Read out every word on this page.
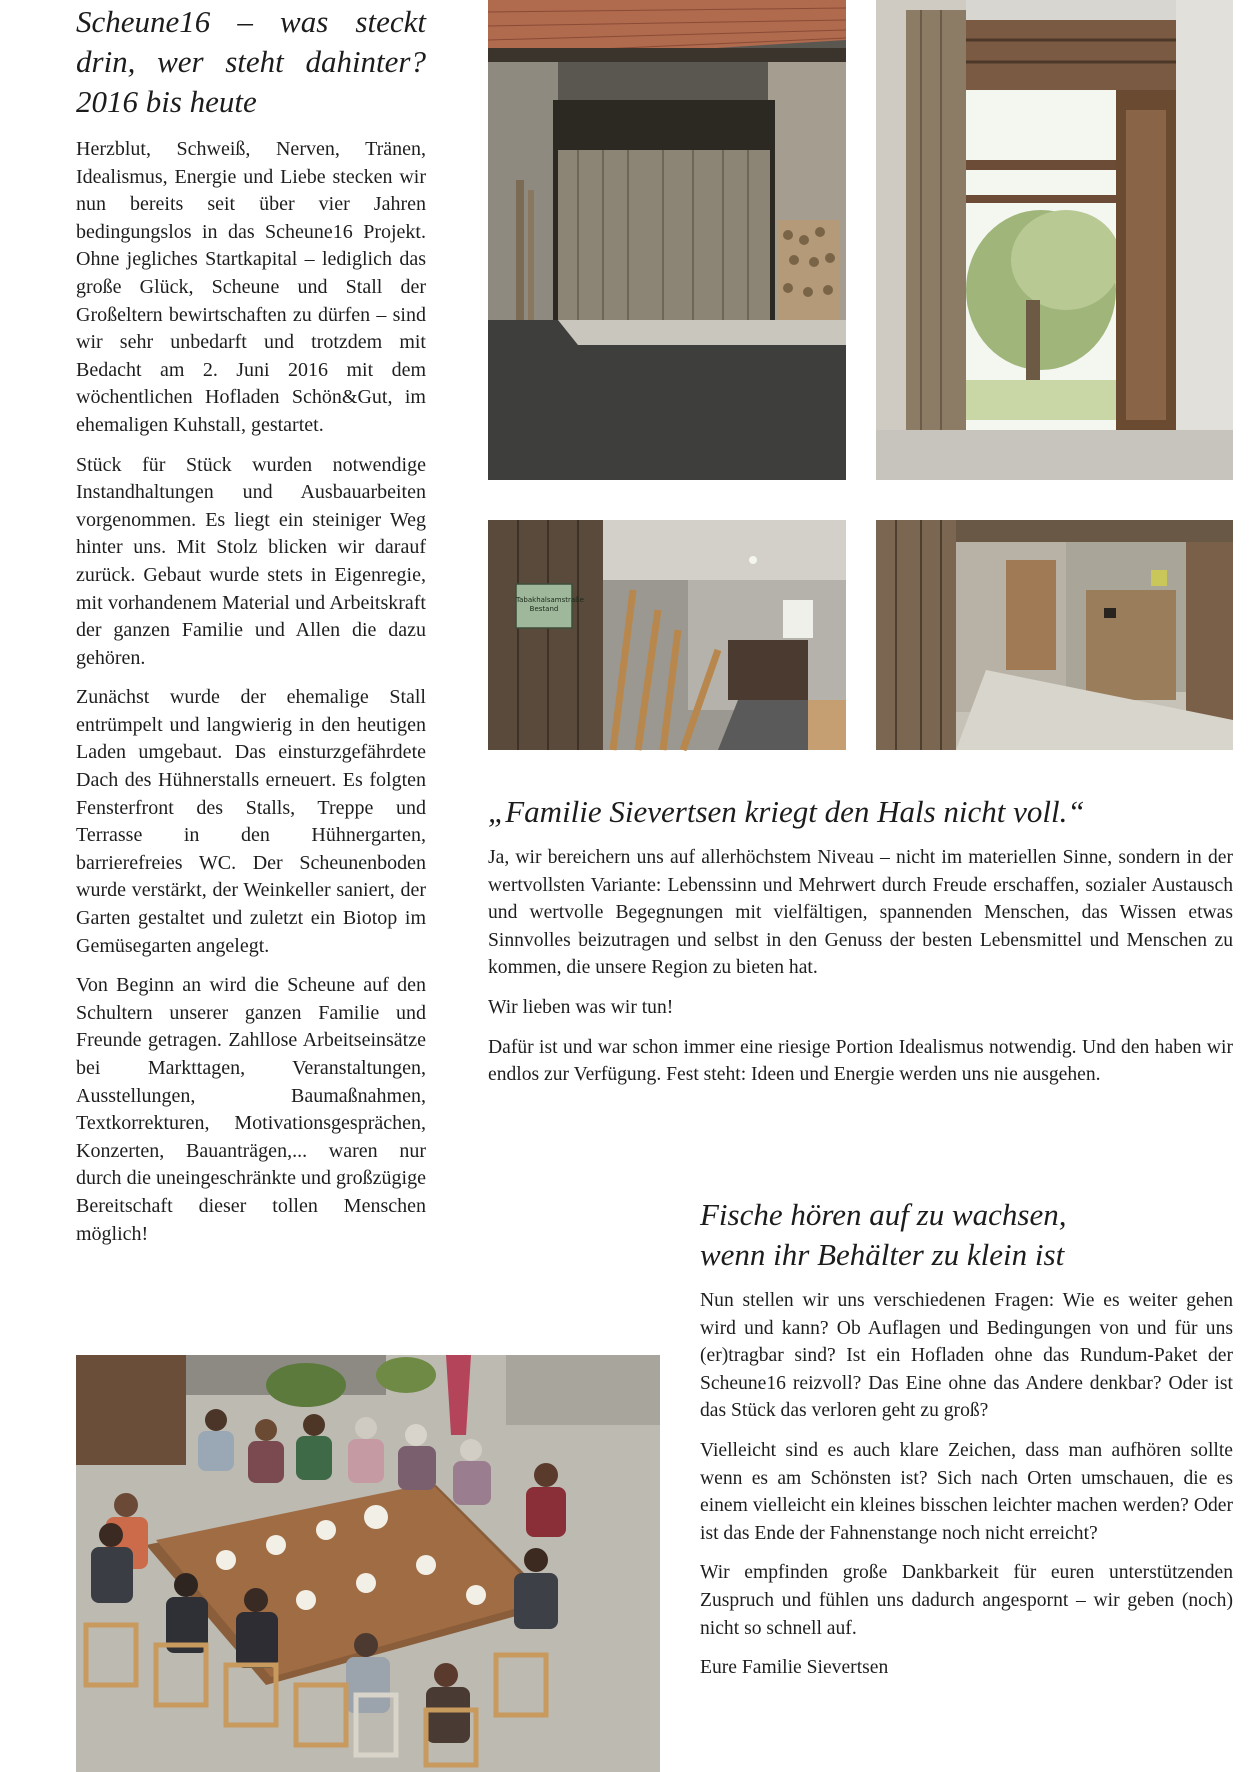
Scheune16 – was steckt drin, wer steht dahinter? 2016 bis heute

Herzblut, Schweiß, Nerven, Tränen, Idealismus, Energie und Liebe stecken wir nun bereits seit über vier Jahren bedingungslos in das Scheune16 Projekt. Ohne jegliches Startkapital – lediglich das große Glück, Scheune und Stall der Großeltern bewirtschaften zu dürfen – sind wir sehr unbedarft und trotzdem mit Bedacht am 2. Juni 2016 mit dem wöchentlichen Hofladen Schön&Gut, im ehemaligen Kuhstall, gestartet.

Stück für Stück wurden notwendige Instandhaltungen und Ausbauarbeiten vorgenommen. Es liegt ein steiniger Weg hinter uns. Mit Stolz blicken wir darauf zurück. Gebaut wurde stets in Eigenregie, mit vorhandenem Material und Arbeitskraft der ganzen Familie und Allen die dazu gehören.

Zunächst wurde der ehemalige Stall entrümpelt und langwierig in den heutigen Laden umgebaut. Das einsturzgefährdete Dach des Hühnerstalls erneuert. Es folgten Fensterfront des Stalls, Treppe und Terrasse in den Hühnergarten, barrierefreies WC. Der Scheunenboden wurde verstärkt, der Weinkeller saniert, der Garten gestaltet und zuletzt ein Biotop im Gemüsegarten angelegt.

Von Beginn an wird die Scheune auf den Schultern unserer ganzen Familie und Freunde getragen. Zahllose Arbeitseinsätze bei Markttagen, Veranstaltungen, Ausstellungen, Baumaßnahmen, Textkorrekturen, Motivationsgesprächen, Konzerten, Bauanträgen,... waren nur durch die uneingeschränkte und großzügige Bereitschaft dieser tollen Menschen möglich!

Tabakhalsamstraße
Bestand
„Familie Sievertsen kriegt den Hals nicht voll.“

Ja, wir bereichern uns auf allerhöchstem Niveau – nicht im materiellen Sinne, sondern in der wertvollsten Variante: Lebenssinn und Mehrwert durch Freude erschaffen, sozialer Austausch und wertvolle Begegnungen mit vielfältigen, spannenden Menschen, das Wissen etwas Sinnvolles beizutragen und selbst in den Genuss der besten Lebensmittel und Menschen zu kommen, die unsere Region zu bieten hat.

Wir lieben was wir tun!

Dafür ist und war schon immer eine riesige Portion Idealismus notwendig. Und den haben wir endlos zur Verfügung. Fest steht: Ideen und Energie werden uns nie ausgehen.

Fische hören auf zu wachsen,
wenn ihr Behälter zu klein ist

Nun stellen wir uns verschiedenen Fragen: Wie es weiter gehen wird und kann? Ob Auflagen und Bedingungen von und für uns (er)tragbar sind? Ist ein Hofladen ohne das Rundum-Paket der Scheune16 reizvoll? Das Eine ohne das Andere denkbar? Oder ist das Stück das verloren geht zu groß?

Vielleicht sind es auch klare Zeichen, dass man aufhören sollte wenn es am Schönsten ist? Sich nach Orten umschauen, die es einem vielleicht ein kleines bisschen leichter machen werden? Oder ist das Ende der Fahnenstange noch nicht erreicht?

Wir empfinden große Dankbarkeit für euren unterstützenden Zuspruch und fühlen uns dadurch angespornt – wir geben (noch) nicht so schnell auf.

Eure Familie Sievertsen
